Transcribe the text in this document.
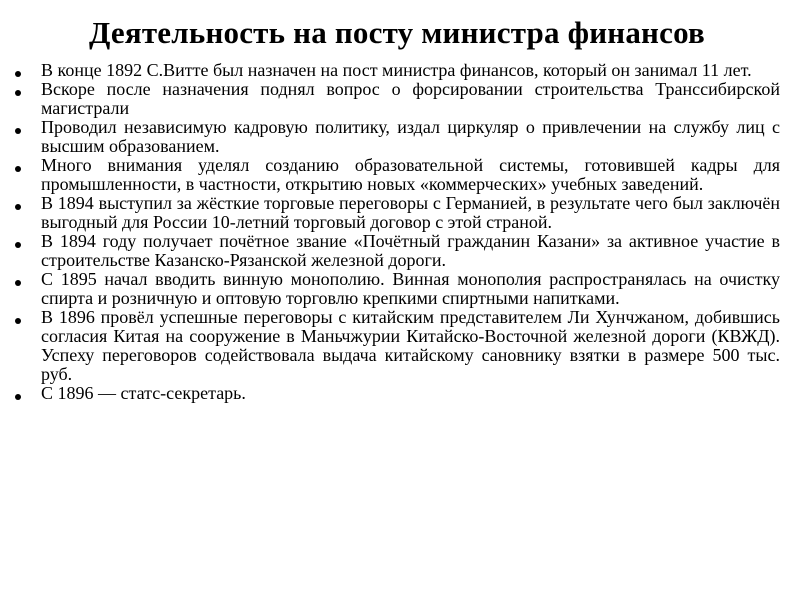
Деятельность на посту министра финансов
В конце 1892 С.Витте был назначен на пост министра финансов, который он занимал 11 лет.
Вскоре после назначения поднял вопрос о форсировании строительства Транссибирской магистрали
Проводил независимую кадровую политику, издал циркуляр о привлечении на службу лиц с высшим образованием.
Много внимания уделял созданию образовательной системы, готовившей кадры для промышленности, в частности, открытию новых «коммерческих» учебных заведений.
В 1894 выступил за жёсткие торговые переговоры с Германией, в результате чего был заключён выгодный для России 10-летний торговый договор с этой страной.
В 1894 году получает почётное звание «Почётный гражданин Казани» за активное участие в строительстве Казанско-Рязанской железной дороги.
С 1895 начал вводить винную монополию. Винная монополия распространялась на очистку спирта и розничную и оптовую торговлю крепкими спиртными напитками.
В 1896 провёл успешные переговоры с китайским представителем Ли Хунчжаном, добившись согласия Китая на сооружение в Маньчжурии Китайско-Восточной железной дороги (КВЖД). Успеху переговоров содействовала выдача китайскому сановнику взятки в размере 500 тыс. руб.
С 1896 — статс-секретарь.
